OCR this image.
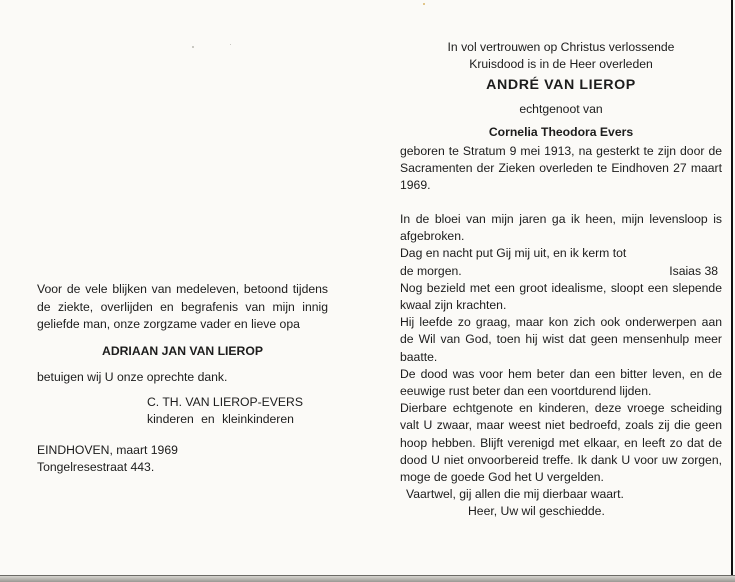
Voor de vele blijken van medeleven, betoond tijdens de ziekte, overlijden en begrafenis van mijn innig geliefde man, onze zorgzame vader en lieve opa
ADRIAAN JAN VAN LIEROP
betuigen wij U onze oprechte dank.
C. TH. VAN LIEROP-EVERS
kinderen en kleinkinderen
EINDHOVEN, maart 1969
Tongelresestraat 443.
In vol vertrouwen op Christus verlossende
Kruisdood is in de Heer overleden
ANDRÉ VAN LIEROP
echtgenoot van
Cornelia Theodora Evers
geboren te Stratum 9 mei 1913, na gesterkt te zijn door de Sacramenten der Zieken overleden te Eindhoven 27 maart 1969.
In de bloei van mijn jaren ga ik heen, mijn levensloop is afgebroken.
Dag en nacht put Gij mij uit, en ik kerm tot
de morgen.	Isaias 38
Nog bezield met een groot idealisme, sloopt een slepende kwaal zijn krachten.
Hij leefde zo graag, maar kon zich ook onderwerpen aan de Wil van God, toen hij wist dat geen mensenhulp meer baatte.
De dood was voor hem beter dan een bitter leven, en de eeuwige rust beter dan een voortdurend lijden.
Dierbare echtgenote en kinderen, deze vroege scheiding valt U zwaar, maar weest niet bedroefd, zoals zij die geen hoop hebben. Blijft verenigd met elkaar, en leeft zo dat de dood U niet onvoorbereid treffe. Ik dank U voor uw zorgen, moge de goede God het U vergelden.
Vaartwel, gij allen die mij dierbaar waart.
Heer, Uw wil geschiedde.
